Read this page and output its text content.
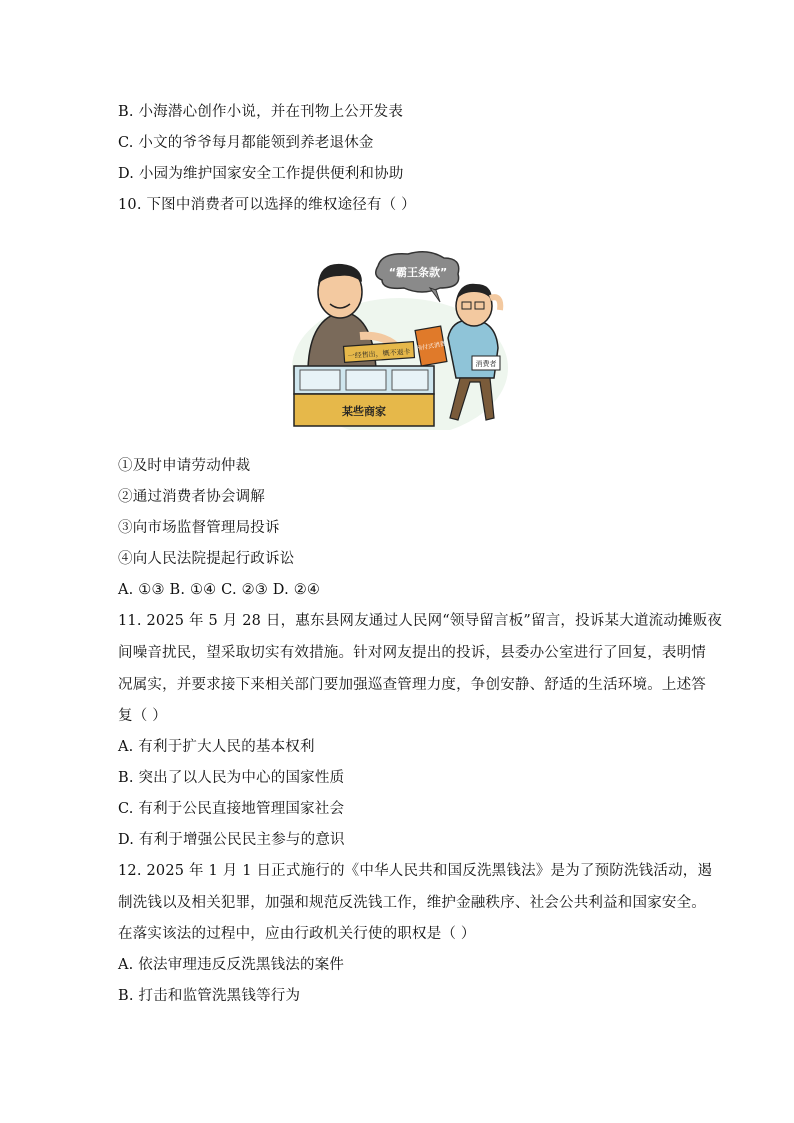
B. 小海潜心创作小说，并在刊物上公开发表
C. 小文的爷爷每月都能领到养老退休金
D. 小园为维护国家安全工作提供便利和协助
10. 下图中消费者可以选择的维权途径有（ ）
“霸王条款”
某些商家
一经售出，概不退卡
消费者
预付式消费
①及时申请劳动仲裁
②通过消费者协会调解
③向市场监督管理局投诉
④向人民法院提起行政诉讼
A. ①③ B. ①④ C. ②③ D. ②④
11. 2025 年 5 月 28 日，惠东县网友通过人民网“领导留言板”留言，投诉某大道流动摊贩夜
间噪音扰民，望采取切实有效措施。针对网友提出的投诉，县委办公室进行了回复，表明情
况属实，并要求接下来相关部门要加强巡查管理力度，争创安静、舒适的生活环境。上述答
复（ ）
A. 有利于扩大人民的基本权利
B. 突出了以人民为中心的国家性质
C. 有利于公民直接地管理国家社会
D. 有利于增强公民民主参与的意识
12. 2025 年 1 月 1 日正式施行的《中华人民共和国反洗黑钱法》是为了预防洗钱活动，遏
制洗钱以及相关犯罪，加强和规范反洗钱工作，维护金融秩序、社会公共利益和国家安全。
在落实该法的过程中，应由行政机关行使的职权是（ ）
A. 依法审理违反反洗黑钱法的案件
B. 打击和监管洗黑钱等行为
